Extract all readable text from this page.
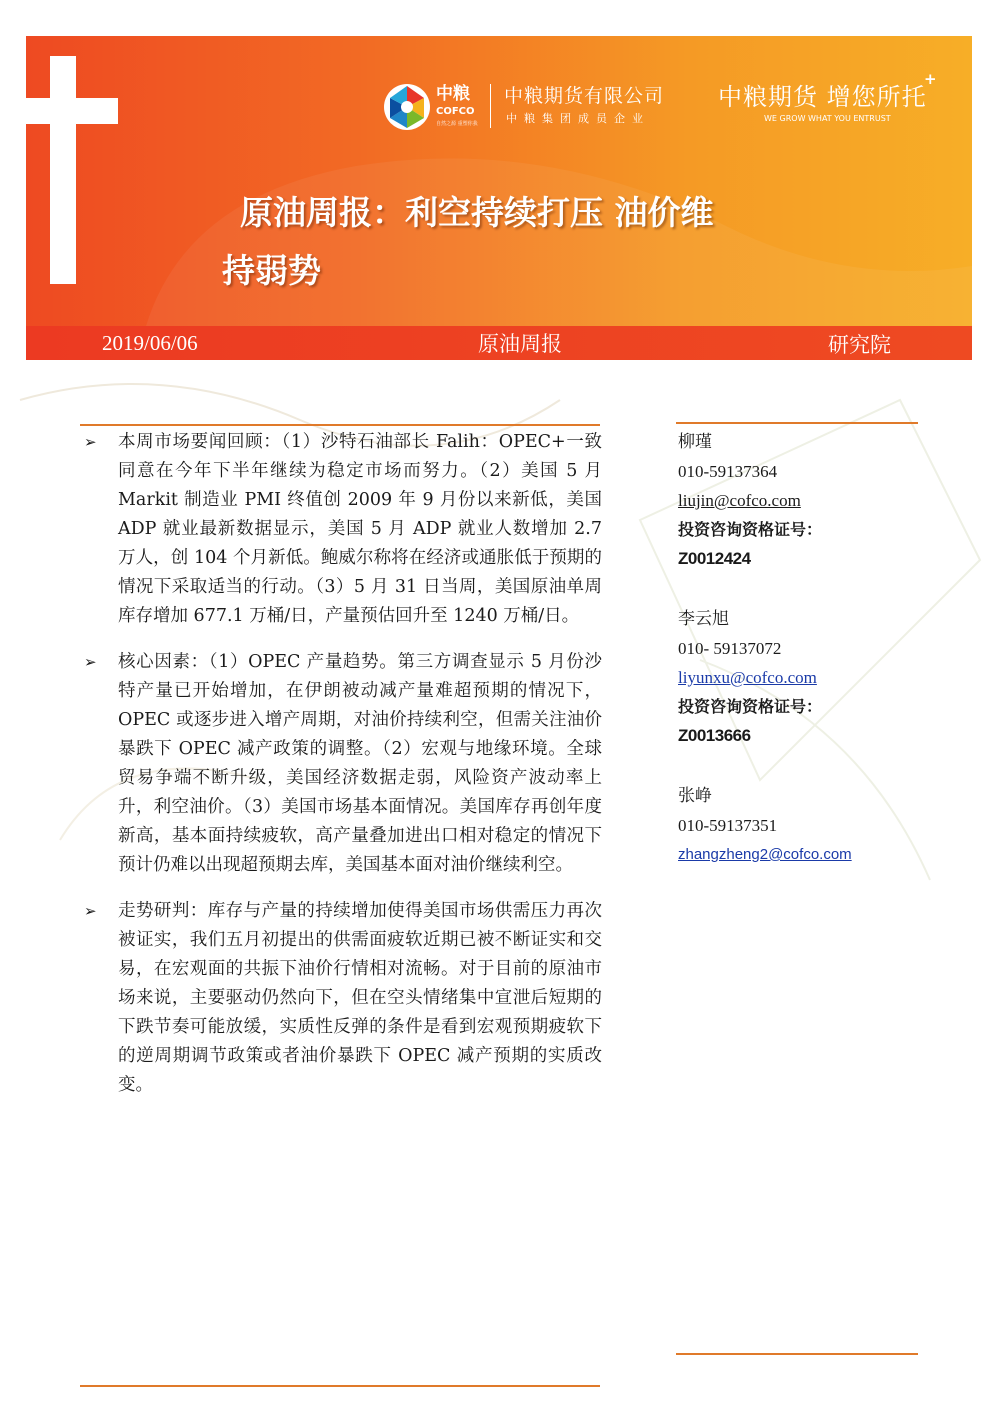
中粮
COFCO
自然之源 重塑你我
中粮期货有限公司
中粮集团成员企业
中粮期货 增您所托
+
WE GROW WHAT YOU ENTRUST
原油周报：利空持续打压 油价维
持弱势
2019/06/06	原油周报	研究院
➢ 本周市场要闻回顾：（1）沙特石油部长 Falih：OPEC+一致同意在今年下半年继续为稳定市场而努力。（2）美国 5 月 Markit 制造业 PMI 终值创 2009 年 9 月份以来新低，美国 ADP 就业最新数据显示，美国 5 月 ADP 就业人数增加 2.7 万人，创 104 个月新低。鲍威尔称将在经济或通胀低于预期的情况下采取适当的行动。（3）5 月 31 日当周，美国原油单周库存增加 677.1 万桶/日，产量预估回升至 1240 万桶/日。
➢ 核心因素：（1）OPEC 产量趋势。第三方调查显示 5 月份沙特产量已开始增加，在伊朗被动减产量难超预期的情况下，OPEC 或逐步进入增产周期，对油价持续利空，但需关注油价暴跌下 OPEC 减产政策的调整。（2）宏观与地缘环境。全球贸易争端不断升级，美国经济数据走弱，风险资产波动率上升，利空油价。（3）美国市场基本面情况。美国库存再创年度新高，基本面持续疲软，高产量叠加进出口相对稳定的情况下预计仍难以出现超预期去库，美国基本面对油价继续利空。
➢ 走势研判：库存与产量的持续增加使得美国市场供需压力再次被证实，我们五月初提出的供需面疲软近期已被不断证实和交易，在宏观面的共振下油价行情相对流畅。对于目前的原油市场来说，主要驱动仍然向下，但在空头情绪集中宣泄后短期的下跌节奏可能放缓，实质性反弹的条件是看到宏观预期疲软下的逆周期调节政策或者油价暴跌下 OPEC 减产预期的实质改变。
柳瑾
010-59137364
liujin@cofco.com
投资咨询资格证号：
Z0012424
李云旭
010- 59137072
liyunxu@cofco.com
投资咨询资格证号：
Z0013666
张峥
010-59137351
zhangzheng2@cofco.com
